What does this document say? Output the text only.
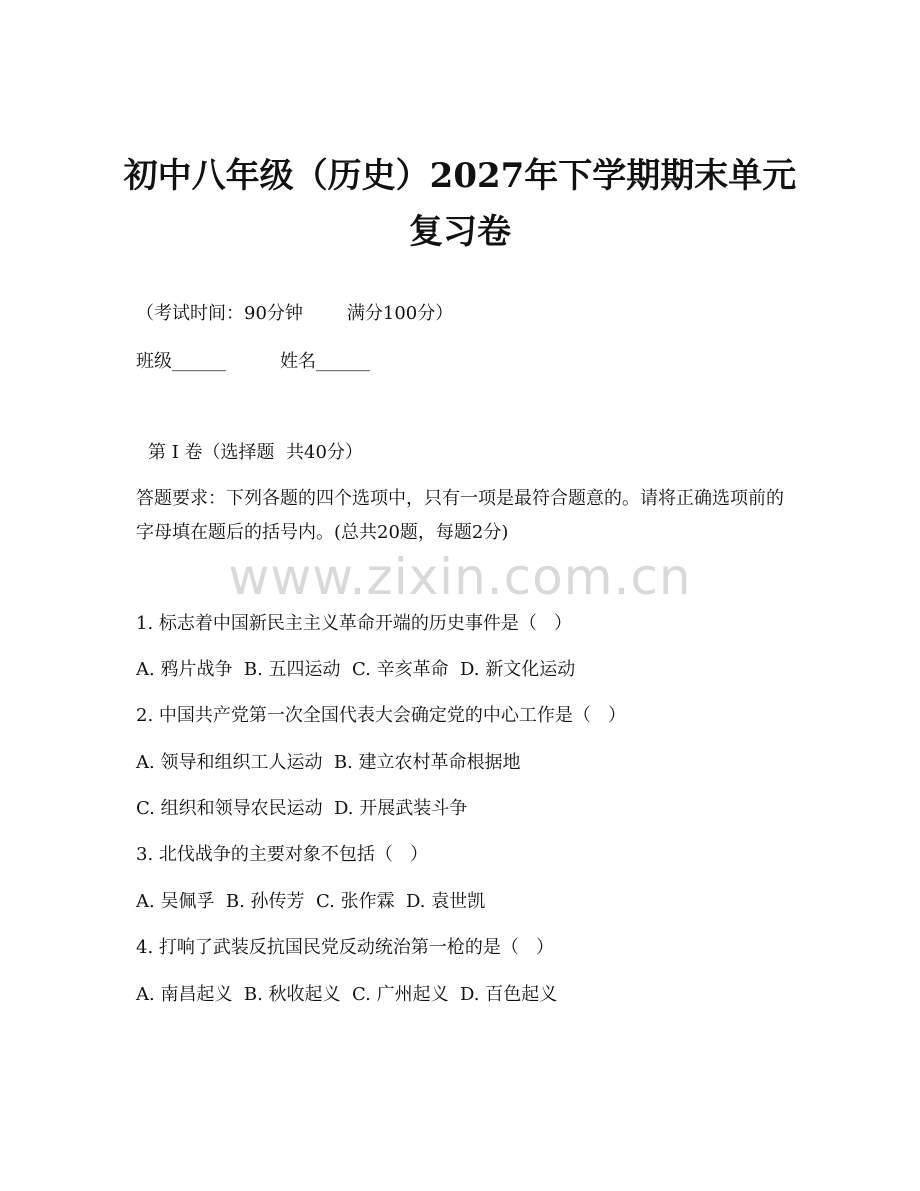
www.zixin.com.cn
初中八年级（历史）2027年下学期期末单元
复习卷

（考试时间：90分钟 满分100分）

班级______	姓名______

第 I 卷（选择题  共40分）

答题要求：下列各题的四个选项中，只有一项是最符合题意的。请将正确选项前的字母填在题后的括号内。(总共20题，每题2分)

1. 标志着中国新民主主义革命开端的历史事件是（   ）

A. 鸦片战争  B. 五四运动  C. 辛亥革命  D. 新文化运动

2. 中国共产党第一次全国代表大会确定党的中心工作是（   ）

A. 领导和组织工人运动  B. 建立农村革命根据地

C. 组织和领导农民运动  D. 开展武装斗争

3. 北伐战争的主要对象不包括（   ）

A. 吴佩孚  B. 孙传芳  C. 张作霖  D. 袁世凯

4. 打响了武装反抗国民党反动统治第一枪的是（   ）

A. 南昌起义  B. 秋收起义  C. 广州起义  D. 百色起义
